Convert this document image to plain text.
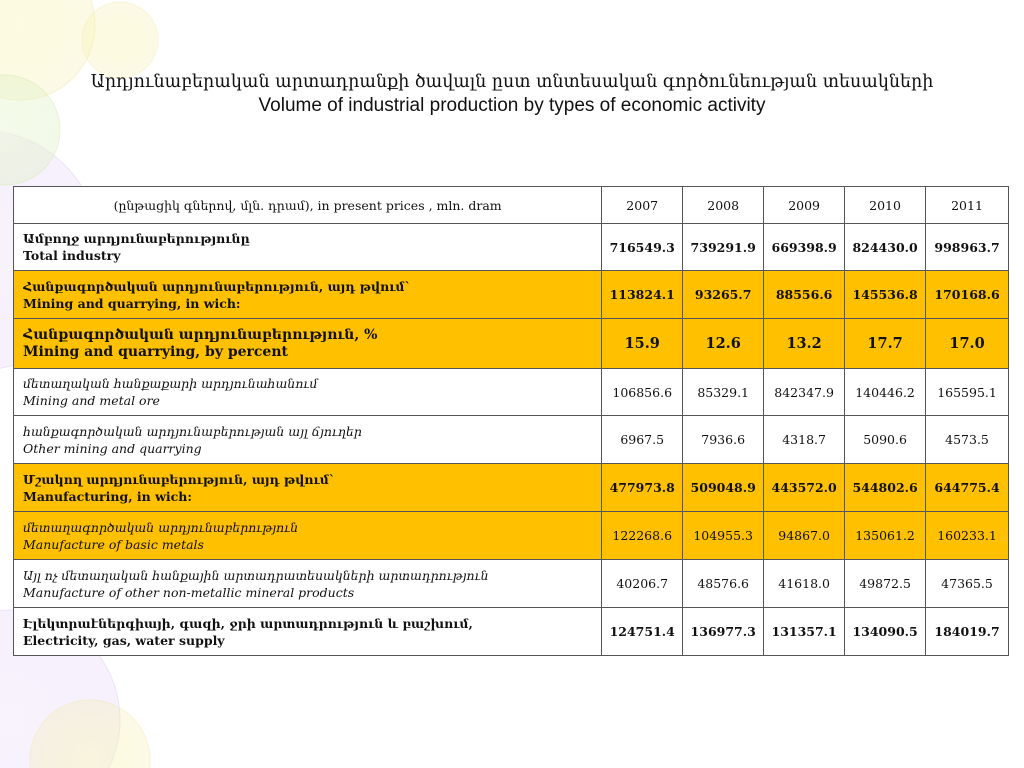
Արդյունաբերական արտադրանքի ծավալն ըստ տնտեսական գործունեության տեսակների
Volume of industrial production by types of economic activity
(ընթացիկ գներով, մլն. դրամ), in present prices , mln. dram	2007	2008	2009	2010	2011

Ամբողջ արդյունաբերությունը
Total industry	716549.3	739291.9	669398.9	824430.0	998963.7

Հանքագործական արդյունաբերություն, այդ թվում`
Mining and quarrying, in wich:	113824.1	93265.7	88556.6	145536.8	170168.6

Հանքագործական արդյունաբերություն, %
Mining and quarrying, by percent	15.9	12.6	13.2	17.7	17.0

մետաղական հանքաքարի արդյունահանում
Mining and metal ore	106856.6	85329.1	842347.9	140446.2	165595.1

հանքագործական արդյունաբերության այլ ճյուղեր
Other mining and quarrying	6967.5	7936.6	4318.7	5090.6	4573.5

Մշակող արդյունաբերություն, այդ թվում`
Manufacturing, in wich:	477973.8	509048.9	443572.0	544802.6	644775.4

մետաղագործական արդյունաբերություն
Manufacture of basic metals	122268.6	104955.3	94867.0	135061.2	160233.1

Այլ ոչ մետաղական հանքային արտադրատեսակների արտադրություն
Manufacture of other non-metallic mineral products	40206.7	48576.6	41618.0	49872.5	47365.5

Էլեկտրաէներգիայի, գազի, ջրի արտադրություն և բաշխում,
Electricity, gas, water supply	124751.4	136977.3	131357.1	134090.5	184019.7
